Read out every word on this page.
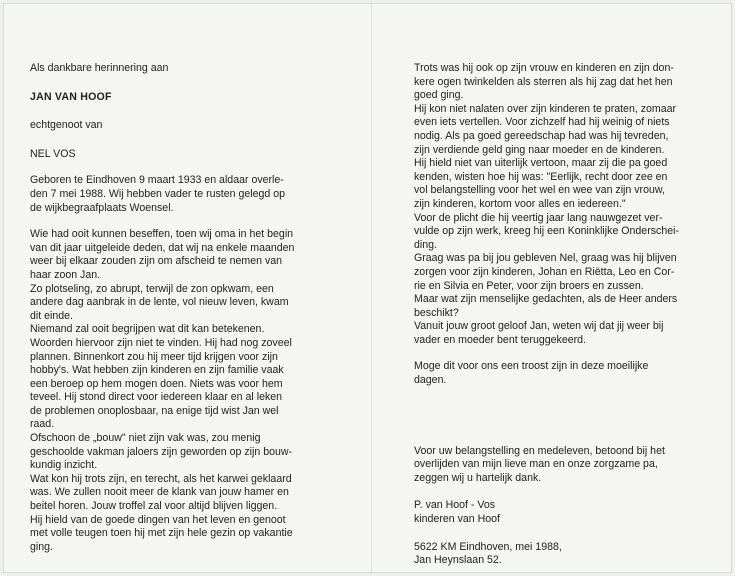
Als dankbare herinnering aan

JAN VAN HOOF

echtgenoot van

NEL VOS

Geboren te Eindhoven 9 maart 1933 en aldaar overle-
den 7 mei 1988. Wij hebben vader te rusten gelegd op
de wijkbegraafplaats Woensel.
Wie had ooit kunnen beseffen, toen wij oma in het begin
van dit jaar uitgeleide deden, dat wij na enkele maanden
weer bij elkaar zouden zijn om afscheid te nemen van
haar zoon Jan.
Zo plotseling, zo abrupt, terwijl de zon opkwam, een
andere dag aanbrak in de lente, vol nieuw leven, kwam
dit einde.
Niemand zal ooit begrijpen wat dit kan betekenen.
Woorden hiervoor zijn niet te vinden. Hij had nog zoveel
plannen. Binnenkort zou hij meer tijd krijgen voor zijn
hobby's. Wat hebben zijn kinderen en zijn familie vaak
een beroep op hem mogen doen. Niets was voor hem
teveel. Hij stond direct voor iedereen klaar en al leken
de problemen onoplosbaar, na enige tijd wist Jan wel
raad.
Ofschoon de „bouw" niet zijn vak was, zou menig
geschoolde vakman jaloers zijn geworden op zijn bouw-
kundig inzicht.
Wat kon hij trots zijn, en terecht, als het karwei geklaard
was. We zullen nooit meer de klank van jouw hamer en
beitel horen. Jouw troffel zal voor altijd blijven liggen.
Hij hield van de goede dingen van het leven en genoot
met volle teugen toen hij met zijn hele gezin op vakantie
ging.
Trots was hij ook op zijn vrouw en kinderen en zijn don-
kere ogen twinkelden als sterren als hij zag dat het hen
goed ging.
Hij kon niet nalaten over zijn kinderen te praten, zomaar
even iets vertellen. Voor zichzelf had hij weinig of niets
nodig. Als pa goed gereedschap had was hij tevreden,
zijn verdiende geld ging naar moeder en de kinderen.
Hij hield niet van uiterlijk vertoon, maar zij die pa goed
kenden, wisten hoe hij was: "Eerlijk, recht door zee en
vol belangstelling voor het wel en wee van zijn vrouw,
zijn kinderen, kortom voor alles en iedereen."
Voor de plicht die hij veertig jaar lang nauwgezet ver-
vulde op zijn werk, kreeg hij een Koninklijke Onderschei-
ding.
Graag was pa bij jou gebleven Nel, graag was hij blijven
zorgen voor zijn kinderen, Johan en Riëtta, Leo en Cor-
rie en Silvia en Peter, voor zijn broers en zussen.
Maar wat zijn menselijke gedachten, als de Heer anders
beschikt?
Vanuit jouw groot geloof Jan, weten wij dat jij weer bij
vader en moeder bent teruggekeerd.
Moge dit voor ons een troost zijn in deze moeilijke
dagen.
Voor uw belangstelling en medeleven, betoond bij het
overlijden van mijn lieve man en onze zorgzame pa,
zeggen wij u hartelijk dank.
P. van Hoof - Vos
kinderen van Hoof
5622 KM Eindhoven, mei 1988,
Jan Heynslaan 52.
